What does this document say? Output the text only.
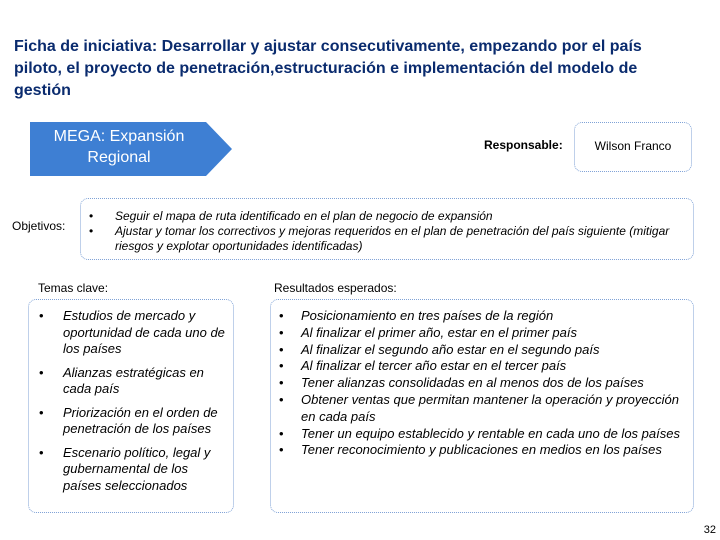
Ficha de iniciativa: Desarrollar y ajustar consecutivamente, empezando por el país piloto, el proyecto de penetración,estructuración e implementación del modelo de gestión

MEGA: Expansión
Regional
Responsable:	Wilson Franco
Objetivos:
• Seguir el mapa de ruta identificado en el plan de negocio de expansión
• Ajustar y tomar los correctivos y mejoras requeridos en el plan de penetración del país siguiente (mitigar riesgos y explotar oportunidades identificadas)
Temas clave:	Resultados esperados:
• Estudios de mercado y oportunidad de cada uno de los países
• Alianzas estratégicas en cada país
• Priorización en el orden de penetración de los países
• Escenario político, legal y gubernamental de los países seleccionados
• Posicionamiento en tres países de la región
• Al finalizar el primer año, estar en el primer país
• Al finalizar el segundo año estar en el segundo país
• Al finalizar el tercer año estar en el tercer país
• Tener alianzas consolidadas en al menos dos de los países
• Obtener ventas que permitan mantener la operación y proyección en cada país
• Tener un equipo establecido y rentable en cada uno de los países
• Tener reconocimiento y publicaciones en medios en los países
32
